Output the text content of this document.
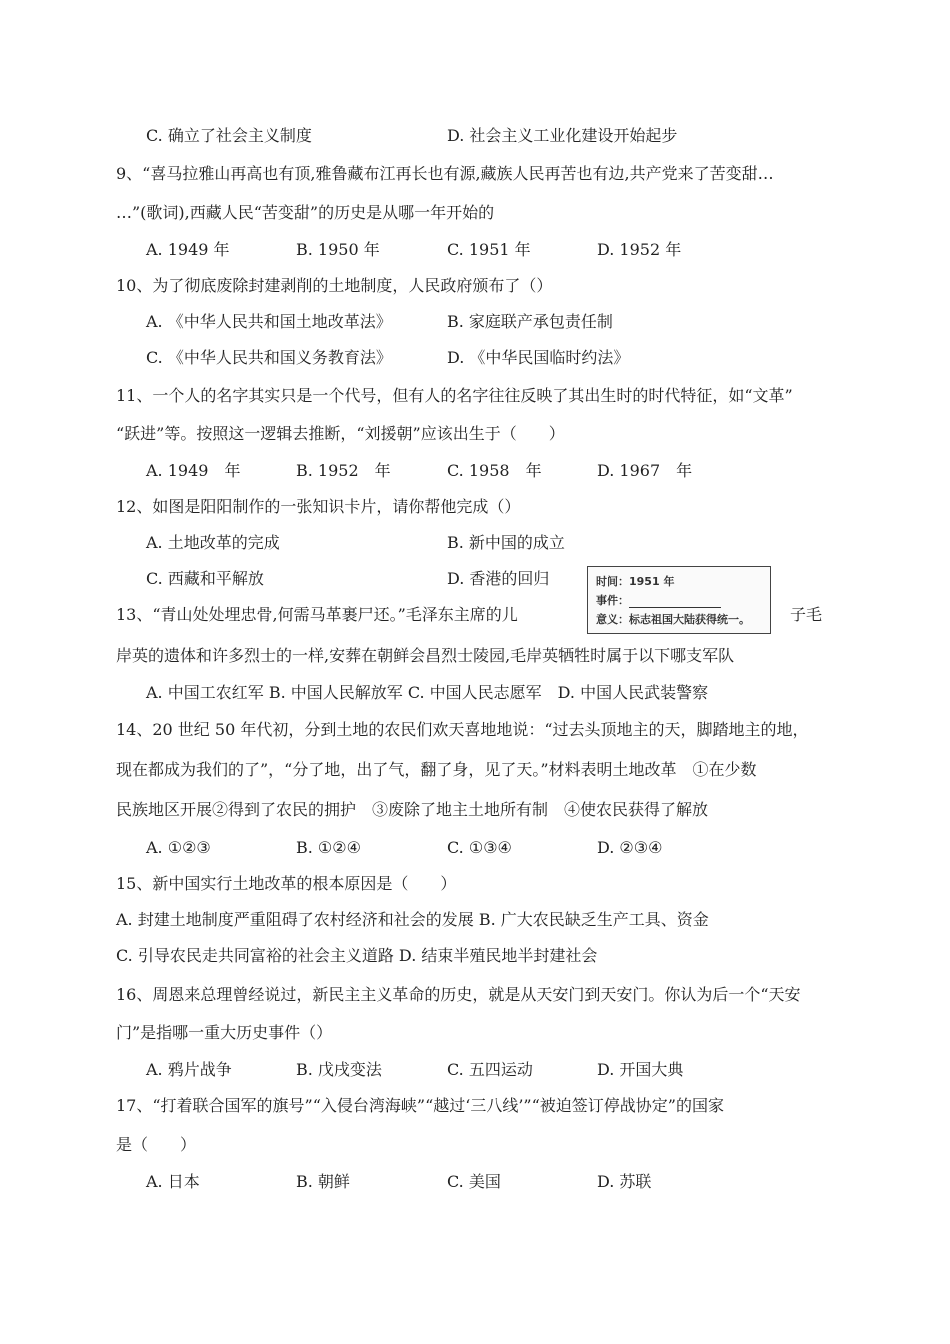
C. 确立了社会主义制度	D. 社会主义工业化建设开始起步
9、“喜马拉雅山再高也有顶,雅鲁藏布江再长也有源,藏族人民再苦也有边,共产党来了苦变甜…
…”(歌词),西藏人民“苦变甜”的历史是从哪一年开始的
A. 1949 年	B. 1950 年	C. 1951 年	D. 1952 年
10、为了彻底废除封建剥削的土地制度，人民政府颁布了（）
A. 《中华人民共和国土地改革法》	B. 家庭联产承包责任制
C. 《中华人民共和国义务教育法》	D. 《中华民国临时约法》
11、一个人的名字其实只是一个代号，但有人的名字往往反映了其出生时的时代特征，如“文革”
“跃进”等。按照这一逻辑去推断，“刘援朝”应该出生于（　　）
A. 1949　年	B. 1952　年	C. 1958　年	D. 1967　年
12、如图是阳阳制作的一张知识卡片，请你帮他完成（）
A. 土地改革的完成	B. 新中国的成立
C. 西藏和平解放	D. 香港的回归	时间：1951 年
事件：
意义：标志祖国大陆获得统一。
13、“青山处处埋忠骨,何需马革裹尸还。”毛泽东主席的儿	子毛
岸英的遗体和许多烈士的一样,安葬在朝鲜会昌烈士陵园,毛岸英牺牲时属于以下哪支军队
A. 中国工农红军 B. 中国人民解放军 C. 中国人民志愿军　D. 中国人民武装警察
14、20 世纪 50 年代初，分到土地的农民们欢天喜地地说：“过去头顶地主的天，脚踏地主的地，
现在都成为我们的了”，“分了地，出了气，翻了身，见了天。”材料表明土地改革　①在少数
民族地区开展②得到了农民的拥护　③废除了地主土地所有制　④使农民获得了解放
A. ①②③	B. ①②④	C. ①③④	D. ②③④
15、新中国实行土地改革的根本原因是（　　）
A. 封建土地制度严重阻碍了农村经济和社会的发展 B. 广大农民缺乏生产工具、资金
C. 引导农民走共同富裕的社会主义道路 D. 结束半殖民地半封建社会
16、周恩来总理曾经说过，新民主主义革命的历史，就是从天安门到天安门。你认为后一个“天安
门”是指哪一重大历史事件（）
A. 鸦片战争	B. 戊戌变法	C. 五四运动	D. 开国大典
17、“打着联合国军的旗号”“入侵台湾海峡”“越过‘三八线’”“被迫签订停战协定”的国家
是（　　）
A. 日本	B. 朝鲜	C. 美国	D. 苏联
